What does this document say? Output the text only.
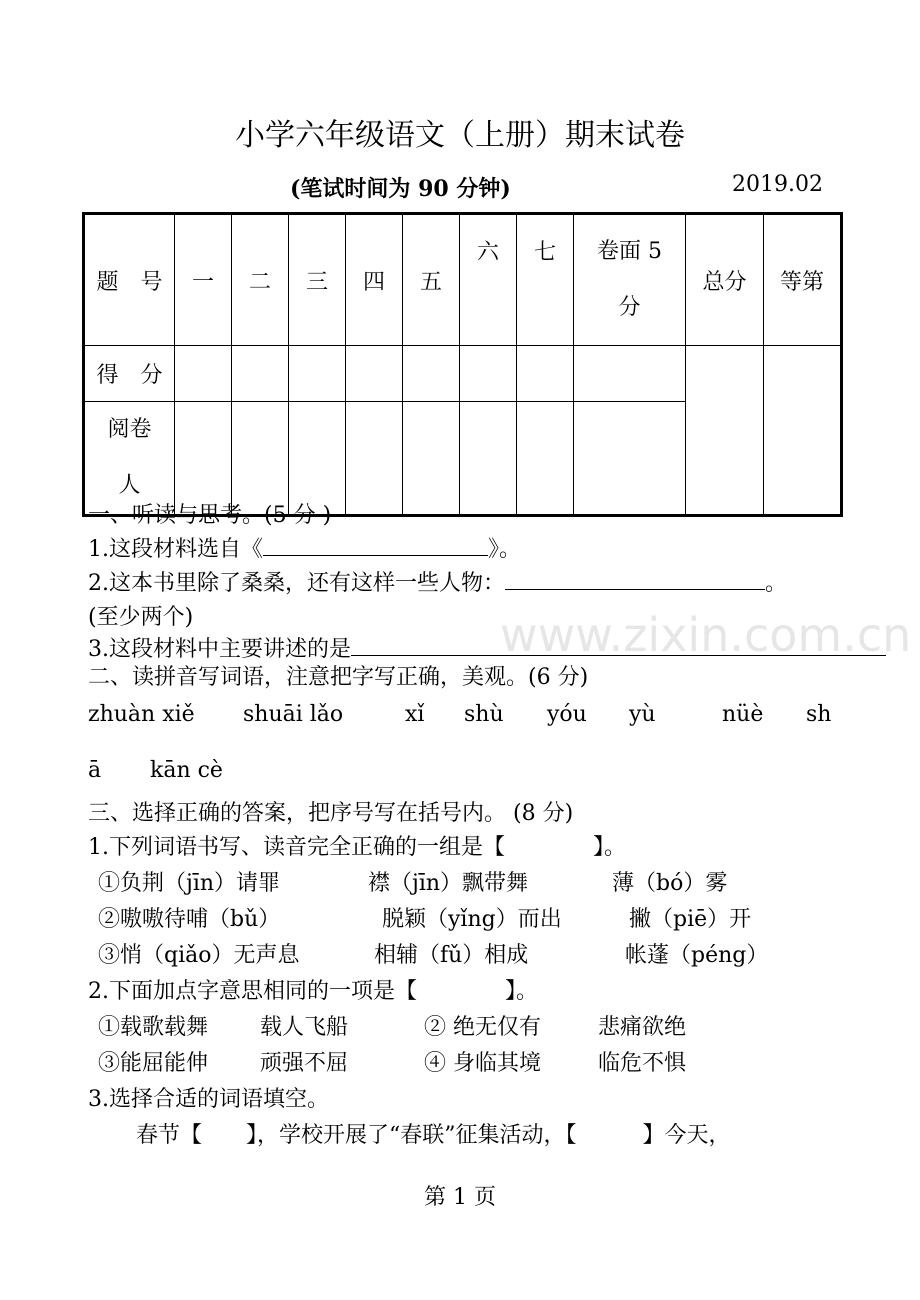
小学六年级语文（上册）期末试卷
(笔试时间为 90 分钟)	2019.02
题　号	一	二	三	四	五	六	七	卷面 5 分	总分	等第
得　分										
阅卷人										
www.zixin.com.cn
一、听读与思考。(5 分 )
1.这段材料选自《	》。
2.这本书里除了桑桑，还有这样一些人物：	。
(至少两个)
3.这段材料中主要讲述的是
二、读拼音写词语，注意把字写正确，美观。(6 分)
zhuàn xiě shuāi lǎo	xǐ shù yóu yù	nüè sh
ā kān cè
三、选择正确的答案，把序号写在括号内。 (8 分)
1.下列词语书写、读音完全正确的一组是【　　　　】。
①负荆（jīn）请罪	襟（jīn）飘带舞	薄（bó）雾
②嗷嗷待哺（bǔ）	脱颖（yǐng）而出	撇（piē）开
③悄（qiǎo）无声息	相辅（fǔ）相成	帐蓬（péng）
2.下面加点字意思相同的一项是【　　　　】。
①载歌载舞 载人飞船	② 绝无仅有	悲痛欲绝
③能屈能伸 顽强不屈	④ 身临其境	临危不惧
3.选择合适的词语填空。
春节【　　】，学校开展了“春联”征集活动，【　　　】今天，
第 1 页
